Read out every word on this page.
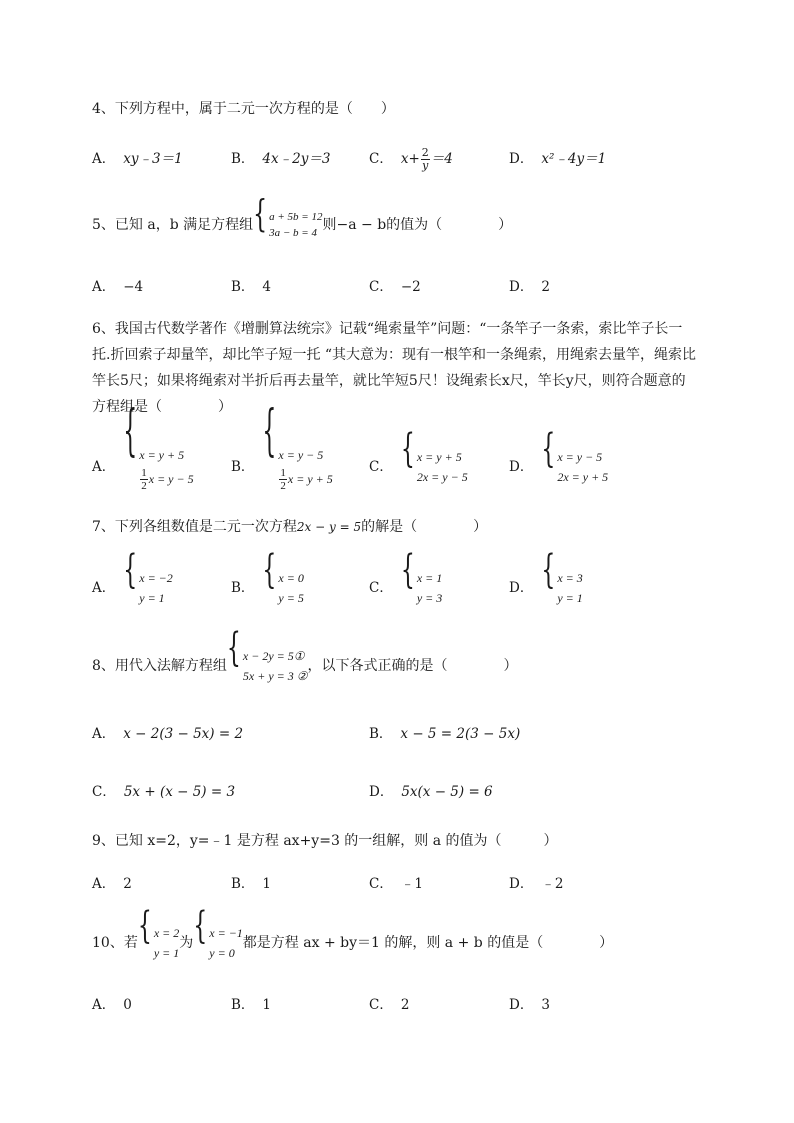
4、下列方程中，属于二元一次方程的是（　　）
A． xy﹣3＝1	B． 4x﹣2y＝3	C． $x+ \frac{2}{y} =4$	D． x²﹣4y＝1
5、已知 a，b 满足方程组 { a + 5b = 12
3a − b = 4 则−a − b的值为（　　　　）
A． −4	B． 4	C． −2	D． 2
6、我国古代数学著作《增删算法统宗》记载“绳索量竿”问题：“一条竿子一条索，索比竿子长一
托.折回索子却量竿，却比竿子短一托 “其大意为：现有一根竿和一条绳索，用绳索去量竿，绳索比
竿长5尺；如果将绳索对半折后再去量竿，就比竿短5尺！设绳索长x尺，竿长y尺，则符合题意的
方程组是（　　　　）
A．
{ x = y + 5
$\frac{1}{2}$ x = y − 5
B．
{ x = y − 5
$\frac{1}{2}$ x = y + 5
C． { x = y + 5
2x = y − 5
D． { x = y − 5
2x = y + 5
7、下列各组数值是二元一次方程 2x − y = 5 的解是（　　　　）
A． { x = −2
y = 1
B． { x = 0
y = 5
C． { x = 1
y = 3
D． { x = 3
y = 1
8、用代入法解方程组 { x − 2y = 5①
5x + y = 3 ②
，以下各式正确的是（　　　　）
A． x − 2(3 − 5x) = 2	B． x − 5 = 2(3 − 5x)
C． 5x + (x − 5) = 3	D． 5x(x − 5) = 6
9、已知 x=2，y=﹣1 是方程 ax+y=3 的一组解，则 a 的值为（　　　）
A． 2	B． 1	C． ﹣1	D． ﹣2
10、若 { x = 2
y = 1
为 { x = −1
y = 0
都是方程 ax + by＝1 的解，则 a + b 的值是（　　　　）
A． 0	B． 1	C． 2	D． 3
